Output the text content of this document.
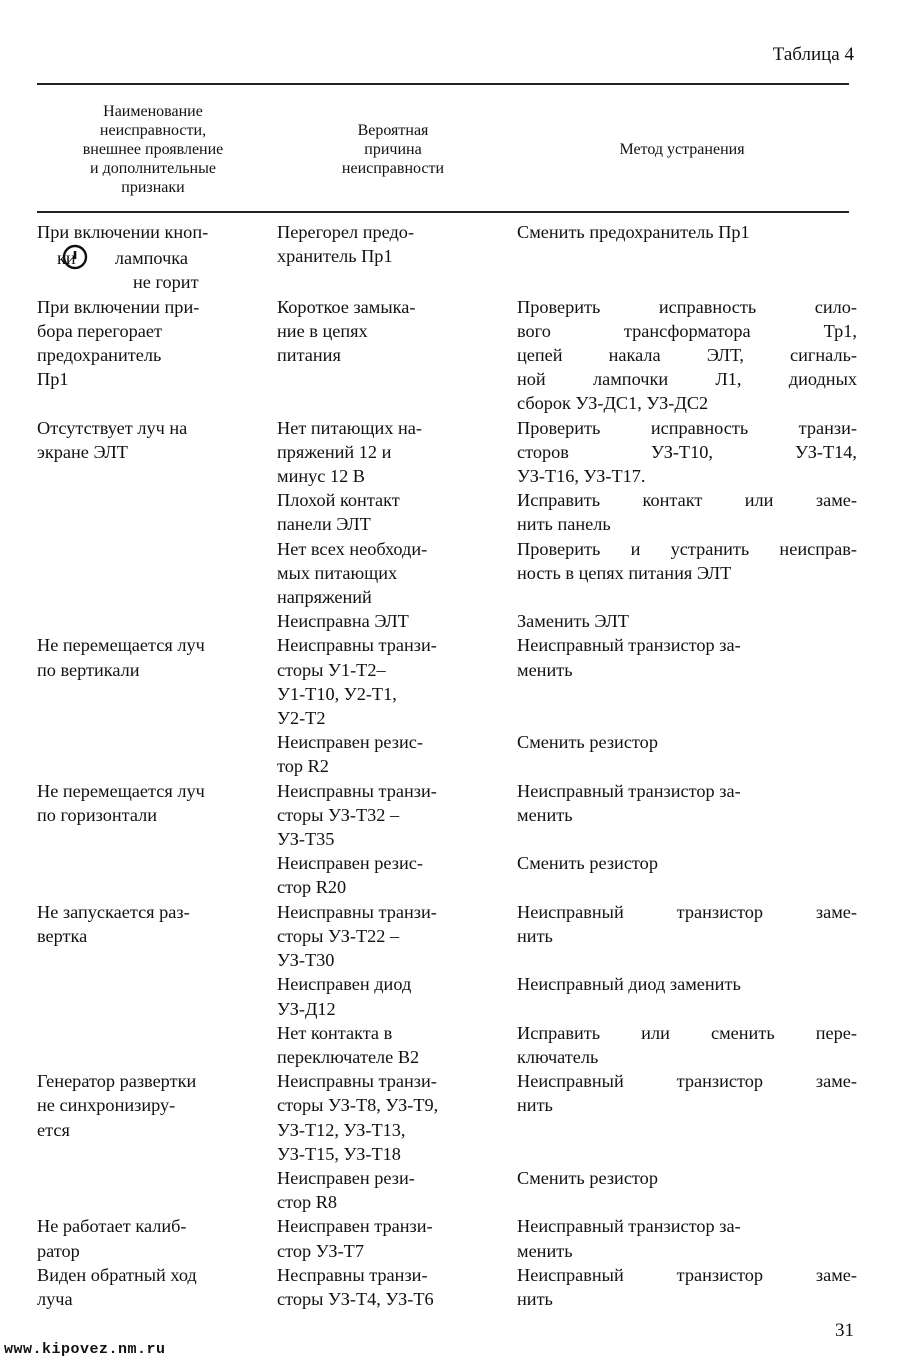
Таблица 4
Наименование
неисправности,
внешнее проявление
и дополнительные
признаки
Вероятная
причина
неисправности
Метод устранения
При включении кноп-
ки лампочка
не горит
Перегорел предо-
хранитель Пр1
Сменить предохранитель Пр1
При включении при-
бора перегорает
предохранитель
Пр1
Короткое замыка-
ние в цепях
питания
Проверить исправность сило-
вого трансформатора Тр1,
цепей накала ЭЛТ, сигналь-
ной лампочки Л1, диодных
сборок УЗ-ДС1, УЗ-ДС2
Отсутствует луч на
экране ЭЛТ
Нет питающих на-
пряжений 12 и
минус 12 В
Проверить исправность транзи-
сторов УЗ-Т10, УЗ-Т14,
УЗ-Т16, УЗ-Т17.
Плохой контакт
панели ЭЛТ
Исправить контакт или заме-
нить панель
Нет всех необходи-
мых питающих
напряжений
Проверить и устранить неисправ-
ность в цепях питания ЭЛТ
Неисправна ЭЛТ	Заменить ЭЛТ
Не перемещается луч
по вертикали
Неисправны транзи-
сторы У1-Т2–
У1-Т10, У2-Т1,
У2-Т2
Неисправный транзистор за-
менить
Неисправен резис-
тор R2
Сменить резистор
Не перемещается луч
по горизонтали
Неисправны транзи-
сторы УЗ-Т32 –
УЗ-Т35
Неисправный транзистор за-
менить
Неисправен резис-
стор R20
Сменить резистор
Не запускается раз-
вертка
Неисправны транзи-
сторы УЗ-Т22 –
УЗ-Т30
Неисправный транзистор заме-
нить
Неисправен диод
УЗ-Д12
Неисправный диод заменить
Нет контакта в
переключателе В2
Исправить или сменить пере-
ключатель
Генератор развертки
не синхронизиру-
ется
Неисправны транзи-
сторы УЗ-Т8, УЗ-Т9,
УЗ-Т12, УЗ-Т13,
УЗ-Т15, УЗ-Т18
Неисправный транзистор заме-
нить
Неисправен рези-
стор R8
Сменить резистор
Не работает калиб-
ратор
Неисправен транзи-
стор УЗ-Т7
Неисправный транзистор за-
менить
Виден обратный ход
луча
Несправны транзи-
сторы УЗ-Т4, УЗ-Т6
Неисправный транзистор заме-
нить
www.kipovez.nm.ru
31
